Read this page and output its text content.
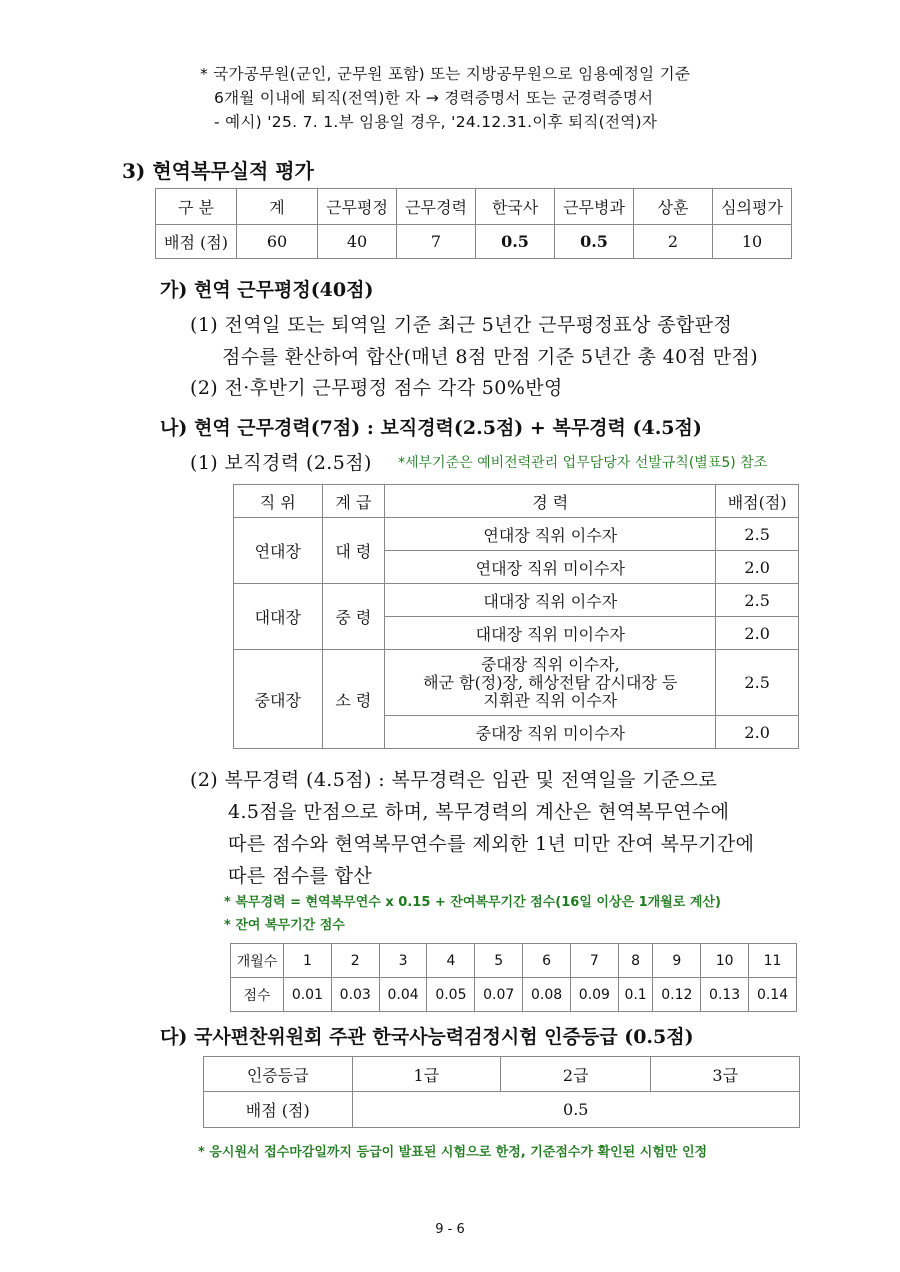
* 국가공무원(군인, 군무원 포함) 또는 지방공무원으로 임용예정일 기준
6개월 이내에 퇴직(전역)한 자 → 경력증명서 또는 군경력증명서
- 예시) '25. 7. 1.부 임용일 경우, '24.12.31.이후 퇴직(전역)자
3) 현역복무실적 평가
구 분	계	근무평정	근무경력	한국사	근무병과	상훈	심의평가
배점 (점)	60	40	7	0.5	0.5	2	10
가) 현역 근무평정(40점)
(1) 전역일 또는 퇴역일 기준 최근 5년간 근무평정표상 종합판정
점수를 환산하여 합산(매년 8점 만점 기준 5년간 총 40점 만점)
(2) 전·후반기 근무평정 점수 각각 50%반영
나) 현역 근무경력(7점) : 보직경력(2.5점) + 복무경력 (4.5점)
(1) 보직경력 (2.5점) *세부기준은 예비전력관리 업무담당자 선발규칙(별표5) 참조
직 위	계 급	경 력	배점(점)
연대장	대 령	연대장 직위 이수자	2.5
		연대장 직위 미이수자	2.0
대대장	중 령	대대장 직위 이수자	2.5
		대대장 직위 미이수자	2.0
중대장	소 령	중대장 직위 이수자,
해군 함(정)장, 해상전탐 감시대장 등
지휘관 직위 이수자	2.5
		중대장 직위 미이수자	2.0
(2) 복무경력 (4.5점) : 복무경력은 임관 및 전역일을 기준으로
4.5점을 만점으로 하며, 복무경력의 계산은 현역복무연수에
따른 점수와 현역복무연수를 제외한 1년 미만 잔여 복무기간에
따른 점수를 합산
* 복무경력 = 현역복무연수 x 0.15 + 잔여복무기간 점수(16일 이상은 1개월로 계산)
* 잔여 복무기간 점수
개월수	1	2	3	4	5	6	7	8	9	10	11
점수	0.01	0.03	0.04	0.05	0.07	0.08	0.09	0.1	0.12	0.13	0.14
다) 국사편찬위원회 주관 한국사능력검정시험 인증등급 (0.5점)
인증등급	1급	2급	3급
배점 (점)	0.5		
* 응시원서 접수마감일까지 등급이 발표된 시험으로 한정, 기준점수가 확인된 시험만 인정
9 - 6
